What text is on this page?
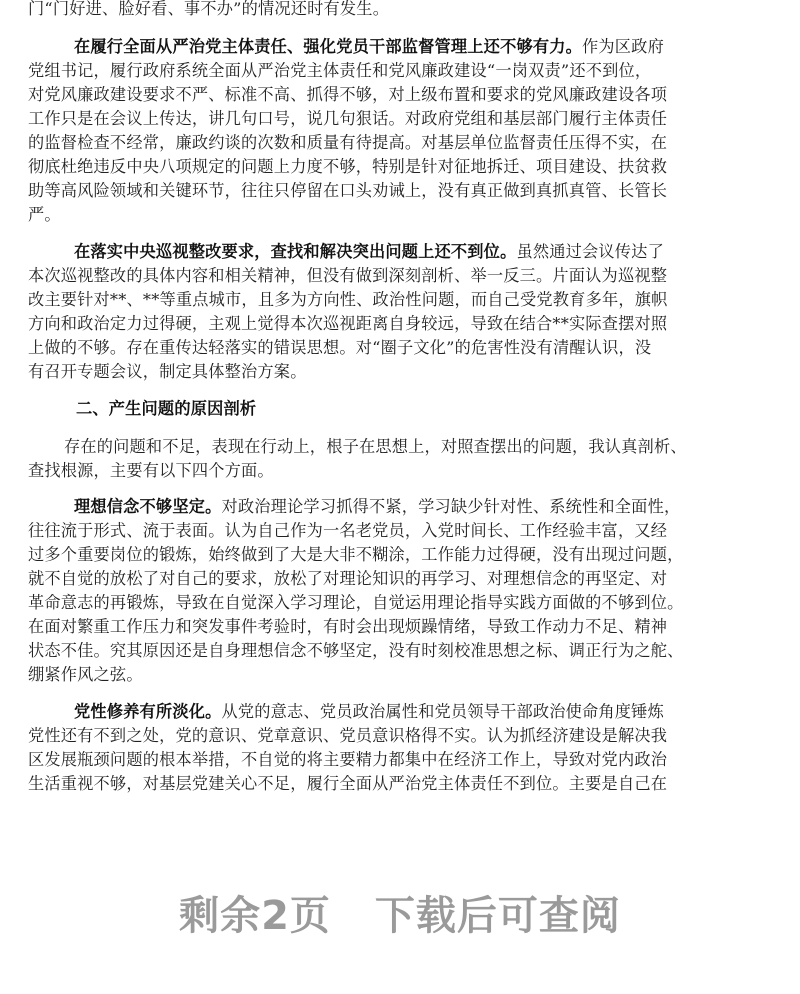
门“门好进、脸好看、事不办”的情况还时有发生。
在履行全面从严治党主体责任、强化党员干部监督管理上还不够有力。作为区政府
党组书记，履行政府系统全面从严治党主体责任和党风廉政建设“一岗双责”还不到位，
对党风廉政建设要求不严、标准不高、抓得不够，对上级布置和要求的党风廉政建设各项
工作只是在会议上传达，讲几句口号，说几句狠话。对政府党组和基层部门履行主体责任
的监督检查不经常，廉政约谈的次数和质量有待提高。对基层单位监督责任压得不实，在
彻底杜绝违反中央八项规定的问题上力度不够，特别是针对征地拆迁、项目建设、扶贫救
助等高风险领域和关键环节，往往只停留在口头劝诫上，没有真正做到真抓真管、长管长
严。
在落实中央巡视整改要求，查找和解决突出问题上还不到位。虽然通过会议传达了
本次巡视整改的具体内容和相关精神，但没有做到深刻剖析、举一反三。片面认为巡视整
改主要针对**、**等重点城市，且多为方向性、政治性问题，而自己受党教育多年，旗帜
方向和政治定力过得硬，主观上觉得本次巡视距离自身较远，导致在结合**实际查摆对照
上做的不够。存在重传达轻落实的错误思想。对“圈子文化”的危害性没有清醒认识，没
有召开专题会议，制定具体整治方案。
二、产生问题的原因剖析
存在的问题和不足，表现在行动上，根子在思想上，对照查摆出的问题，我认真剖析、
查找根源，主要有以下四个方面。
理想信念不够坚定。对政治理论学习抓得不紧，学习缺少针对性、系统性和全面性，
往往流于形式、流于表面。认为自己作为一名老党员，入党时间长、工作经验丰富，又经
过多个重要岗位的锻炼，始终做到了大是大非不糊涂，工作能力过得硬，没有出现过问题，
就不自觉的放松了对自己的要求，放松了对理论知识的再学习、对理想信念的再坚定、对
革命意志的再锻炼，导致在自觉深入学习理论，自觉运用理论指导实践方面做的不够到位。
在面对繁重工作压力和突发事件考验时，有时会出现烦躁情绪，导致工作动力不足、精神
状态不佳。究其原因还是自身理想信念不够坚定，没有时刻校准思想之标、调正行为之舵、
绷紧作风之弦。
党性修养有所淡化。从党的意志、党员政治属性和党员领导干部政治使命角度锤炼
党性还有不到之处，党的意识、党章意识、党员意识格得不实。认为抓经济建设是解决我
区发展瓶颈问题的根本举措，不自觉的将主要精力都集中在经济工作上，导致对党内政治
生活重视不够，对基层党建关心不足，履行全面从严治党主体责任不到位。主要是自己在
剩余2页 下载后可查阅
